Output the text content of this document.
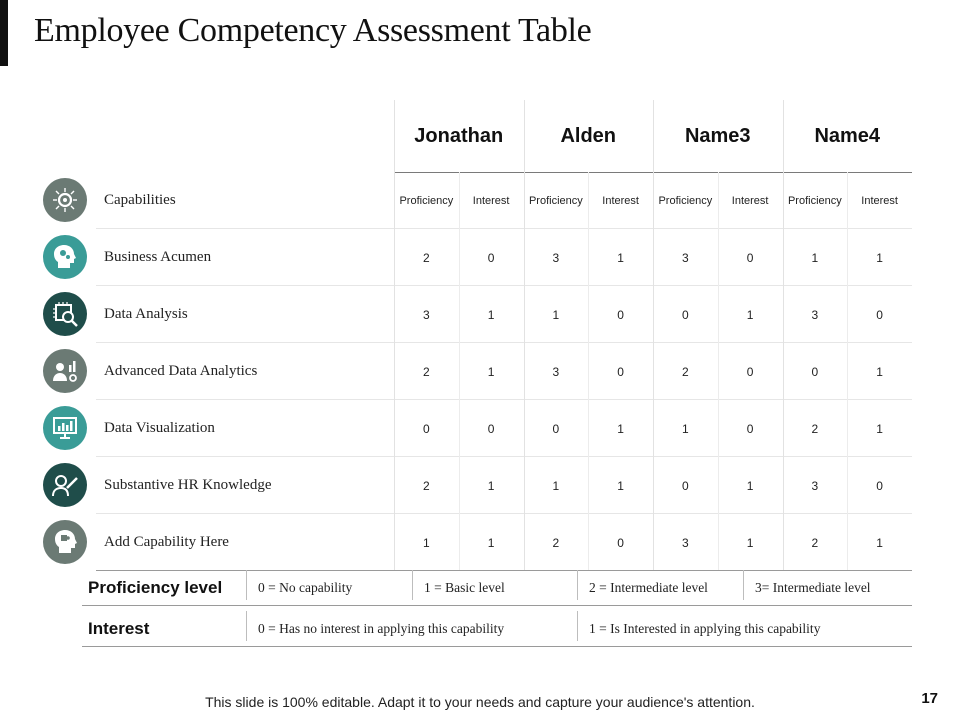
Employee Competency Assessment Table
Jonathan	Alden	Name3	Name4
Capabilities	Proficiency	Interest	Proficiency	Interest	Proficiency	Interest	Proficiency	Interest
Business Acumen	2	0	3	1	3	0	1	1
Data Analysis	3	1	1	0	0	1	3	0
Advanced Data Analytics	2	1	3	0	2	0	0	1
Data Visualization	0	0	0	1	1	0	2	1
Substantive HR Knowledge	2	1	1	1	0	1	3	0
Add Capability Here	1	1	2	0	3	1	2	1
Proficiency level	0 = No capability	1 = Basic level	2 = Intermediate level	3= Intermediate level
Interest	0 = Has no interest in applying this capability	1 = Is Interested in applying this capability
This slide is 100% editable. Adapt it to your needs and capture your audience's attention.	17
